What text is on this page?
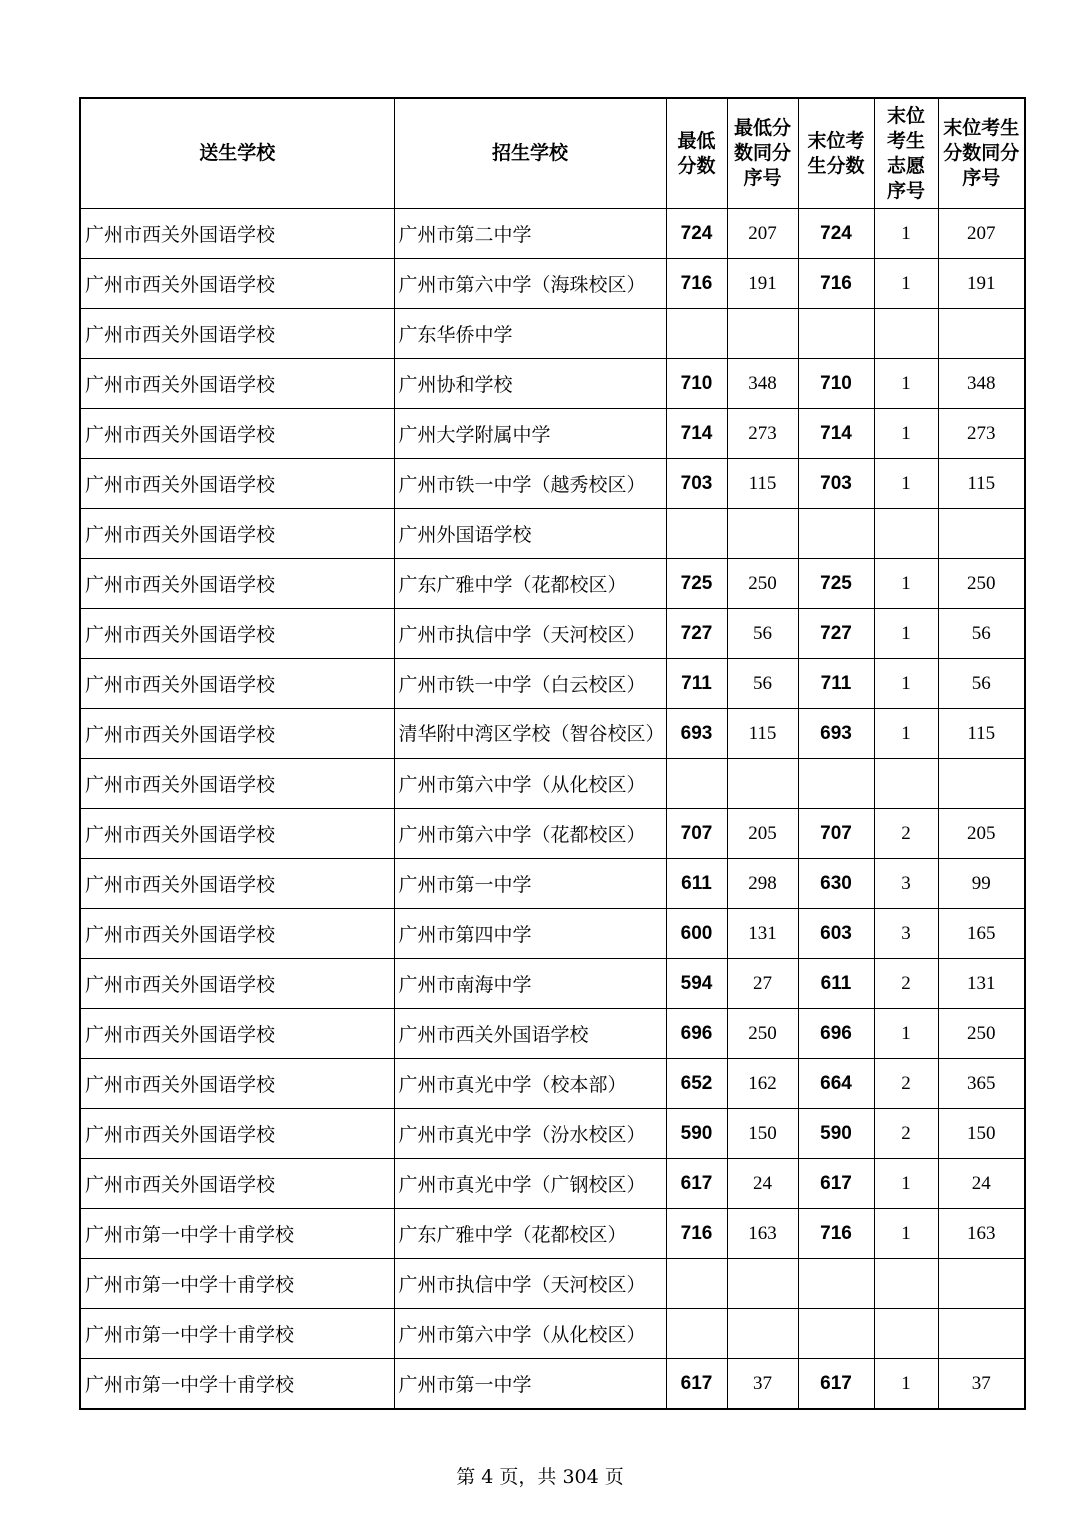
送生学校	招生学校	最低分数	最低分数同分序号	末位考生分数	末位考生志愿序号	末位考生分数同分序号
广州市西关外国语学校	广州市第二中学	724	207	724	1	207
广州市西关外国语学校	广州市第六中学（海珠校区）	716	191	716	1	191
广州市西关外国语学校	广东华侨中学					
广州市西关外国语学校	广州协和学校	710	348	710	1	348
广州市西关外国语学校	广州大学附属中学	714	273	714	1	273
广州市西关外国语学校	广州市铁一中学（越秀校区）	703	115	703	1	115
广州市西关外国语学校	广州外国语学校					
广州市西关外国语学校	广东广雅中学（花都校区）	725	250	725	1	250
广州市西关外国语学校	广州市执信中学（天河校区）	727	56	727	1	56
广州市西关外国语学校	广州市铁一中学（白云校区）	711	56	711	1	56
广州市西关外国语学校	清华附中湾区学校（智谷校区）	693	115	693	1	115
广州市西关外国语学校	广州市第六中学（从化校区）					
广州市西关外国语学校	广州市第六中学（花都校区）	707	205	707	2	205
广州市西关外国语学校	广州市第一中学	611	298	630	3	99
广州市西关外国语学校	广州市第四中学	600	131	603	3	165
广州市西关外国语学校	广州市南海中学	594	27	611	2	131
广州市西关外国语学校	广州市西关外国语学校	696	250	696	1	250
广州市西关外国语学校	广州市真光中学（校本部）	652	162	664	2	365
广州市西关外国语学校	广州市真光中学（汾水校区）	590	150	590	2	150
广州市西关外国语学校	广州市真光中学（广钢校区）	617	24	617	1	24
广州市第一中学十甫学校	广东广雅中学（花都校区）	716	163	716	1	163
广州市第一中学十甫学校	广州市执信中学（天河校区）					
广州市第一中学十甫学校	广州市第六中学（从化校区）					
广州市第一中学十甫学校	广州市第一中学	617	37	617	1	37
第 4 页，共 304 页
